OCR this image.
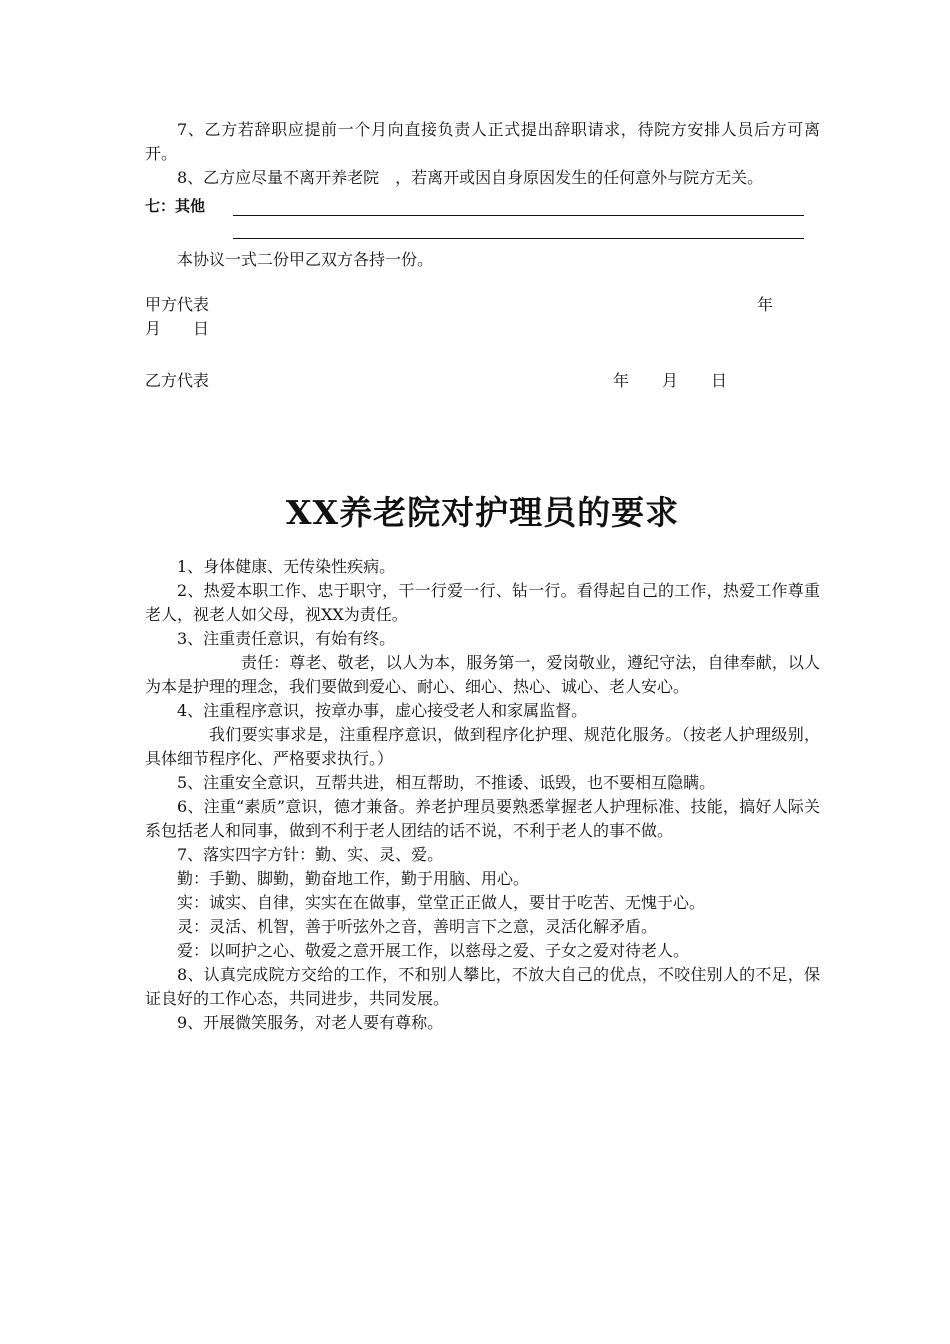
7、乙方若辞职应提前一个月向直接负责人正式提出辞职请求，待院方安排人员后方可离开。

8、乙方应尽量不离开养老院　，若离开或因自身原因发生的任何意外与院方无关。

七：其他

本协议一式二份甲乙双方各持一份。

甲方代表	年
月 日
乙方代表	年 月 日
XX养老院对护理员的要求

1、身体健康、无传染性疾病。

2、热爱本职工作、忠于职守，干一行爱一行、钻一行。看得起自己的工作，热爱工作尊重老人，视老人如父母，视XX为责任。

3、注重责任意识，有始有终。

责任：尊老、敬老，以人为本，服务第一，爱岗敬业，遵纪守法，自律奉献，以人为本是护理的理念，我们要做到爱心、耐心、细心、热心、诚心、老人安心。

4、注重程序意识，按章办事，虚心接受老人和家属监督。

我们要实事求是，注重程序意识，做到程序化护理、规范化服务。（按老人护理级别，具体细节程序化、严格要求执行。）

5、注重安全意识，互帮共进，相互帮助，不推诿、诋毁，也不要相互隐瞒。

6、注重“素质”意识，德才兼备。养老护理员要熟悉掌握老人护理标准、技能，搞好人际关系包括老人和同事，做到不利于老人团结的话不说，不利于老人的事不做。

7、落实四字方针：勤、实、灵、爱。

勤：手勤、脚勤，勤奋地工作，勤于用脑、用心。

实：诚实、自律，实实在在做事，堂堂正正做人，要甘于吃苦、无愧于心。

灵：灵活、机智，善于听弦外之音，善明言下之意，灵活化解矛盾。

爱：以呵护之心、敬爱之意开展工作，以慈母之爱、子女之爱对待老人。

8、认真完成院方交给的工作，不和别人攀比，不放大自己的优点，不咬住别人的不足，保证良好的工作心态，共同进步，共同发展。

9、开展微笑服务，对老人要有尊称。
